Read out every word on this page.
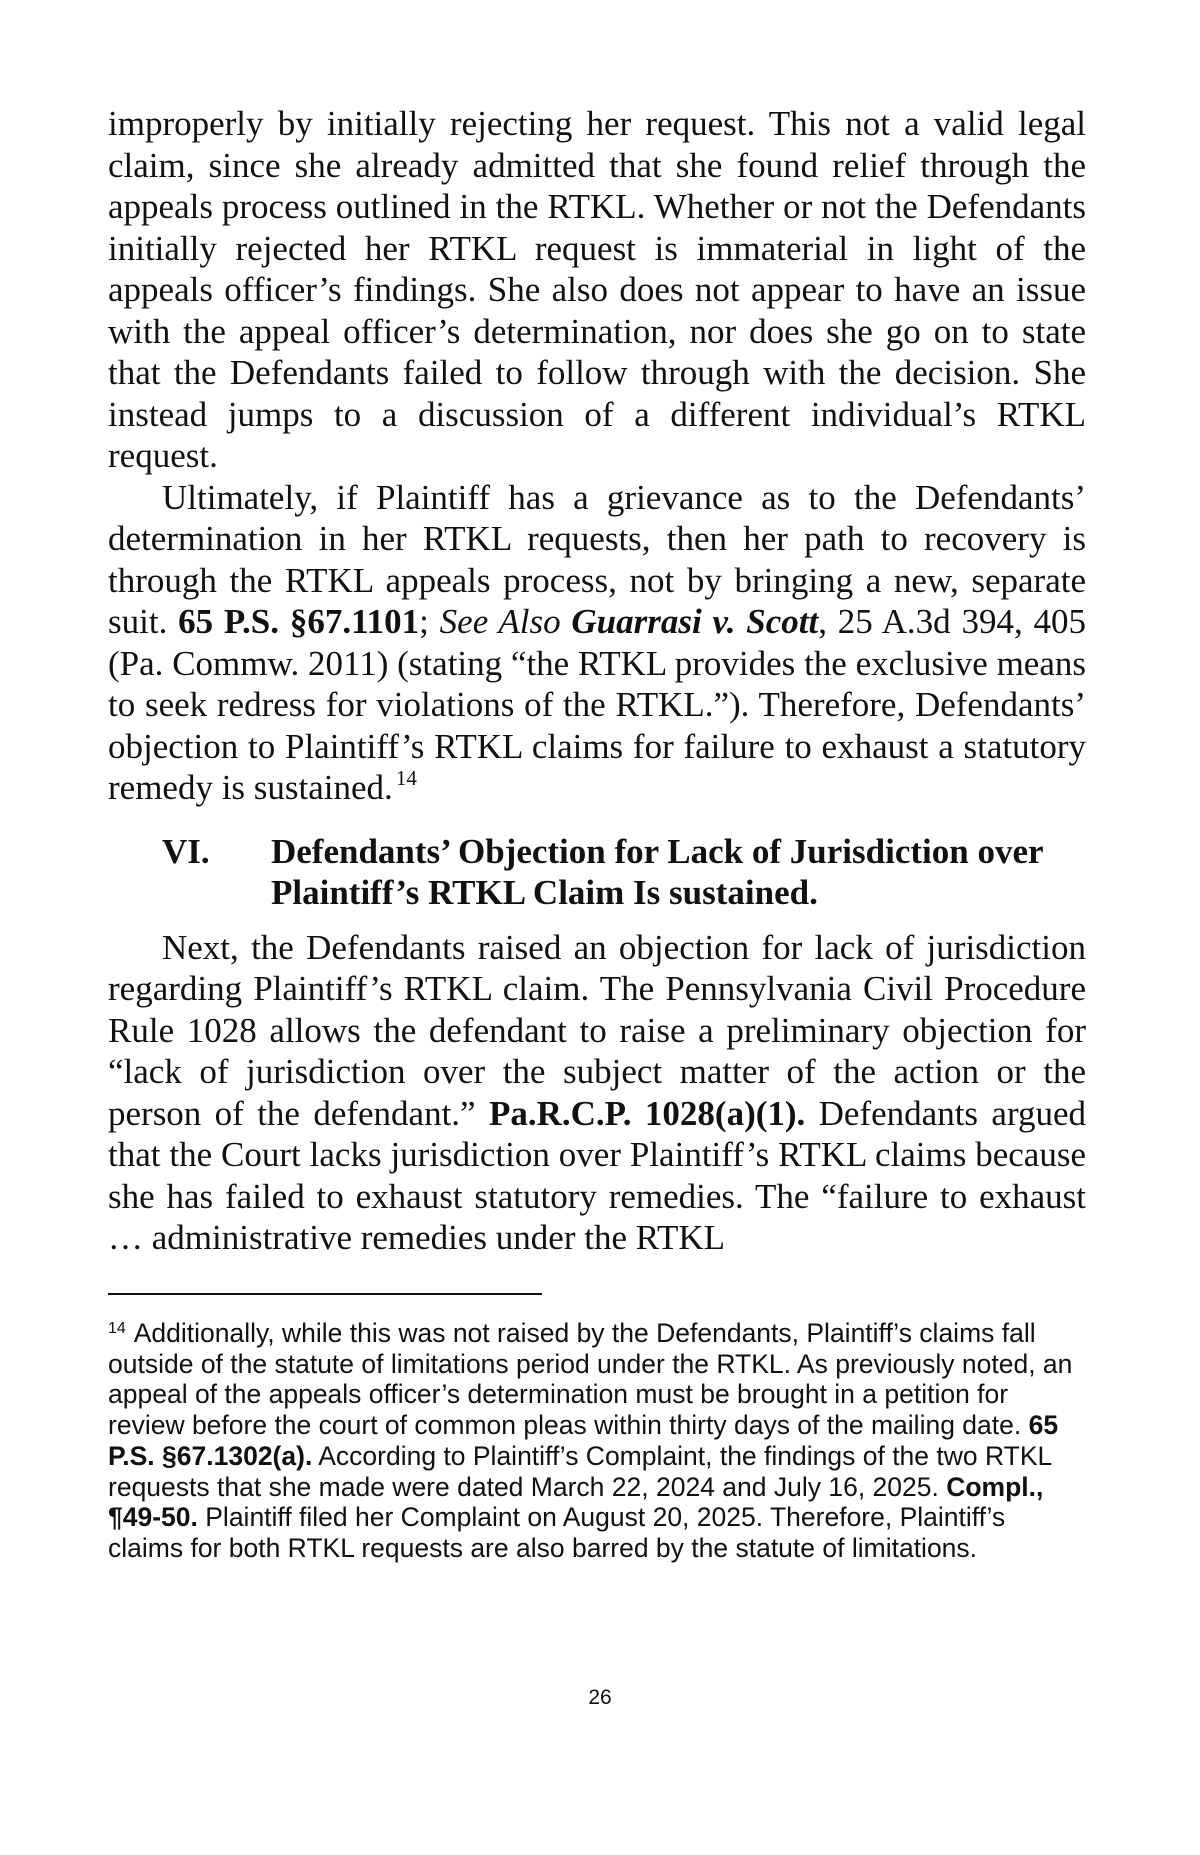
improperly by initially rejecting her request. This not a valid legal claim, since she already admitted that she found relief through the appeals process outlined in the RTKL. Whether or not the Defendants initially rejected her RTKL request is immaterial in light of the appeals officer’s findings. She also does not appear to have an issue with the appeal officer’s determination, nor does she go on to state that the Defendants failed to follow through with the decision. She instead jumps to a discussion of a different individual’s RTKL request.

Ultimately, if Plaintiff has a grievance as to the Defendants’ determination in her RTKL requests, then her path to recovery is through the RTKL appeals process, not by bringing a new, separate suit. 65 P.S. §67.1101; See Also Guarrasi v. Scott, 25 A.3d 394, 405 (Pa. Commw. 2011) (stating “the RTKL provides the exclusive means to seek redress for violations of the RTKL.”). Therefore, Defendants’ objection to Plaintiff’s RTKL claims for failure to exhaust a statutory remedy is sustained. $^{14}$

VI.	Defendants’ Objection for Lack of Jurisdiction over Plaintiff’s RTKL Claim Is sustained.

Next, the Defendants raised an objection for lack of jurisdiction regarding Plaintiff’s RTKL claim. The Pennsylvania Civil Procedure Rule 1028 allows the defendant to raise a preliminary objection for “lack of jurisdiction over the subject matter of the action or the person of the defendant.” Pa.R.C.P. 1028(a)(1). Defendants argued that the Court lacks jurisdiction over Plaintiff’s RTKL claims because she has failed to exhaust statutory remedies. The “failure to exhaust … administrative remedies under the RTKL

$^{14}$ Additionally, while this was not raised by the Defendants, Plaintiff’s claims fall outside of the statute of limitations period under the RTKL. As previously noted, an appeal of the appeals officer’s determination must be brought in a petition for review before the court of common pleas within thirty days of the mailing date. 65 P.S. §67.1302(a). According to Plaintiff’s Complaint, the findings of the two RTKL requests that she made were dated March 22, 2024 and July 16, 2025. Compl., ¶49-50. Plaintiff filed her Complaint on August 20, 2025. Therefore, Plaintiff’s claims for both RTKL requests are also barred by the statute of limitations.

26
